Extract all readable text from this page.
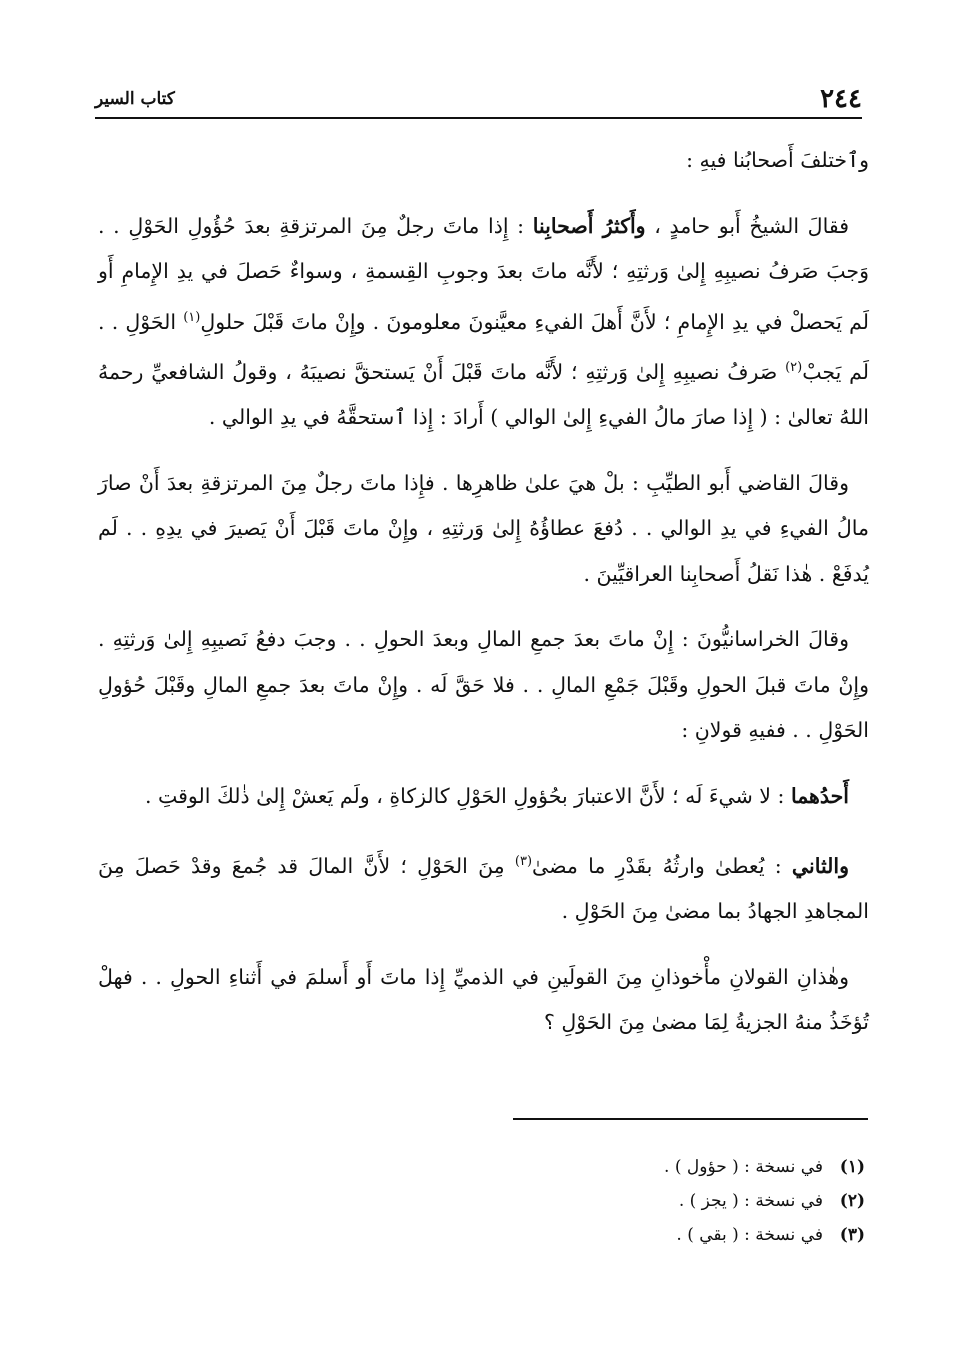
٢٤٤
كتاب السير

وٱختلفَ أَصحابُنا فيهِ :

فقالَ الشيخُ أَبو حامدٍ ، وأَكثرُ أَصحابِنا : إِذا ماتَ رجلٌ مِنَ المرتزقةِ بعدَ حُؤُولِ الحَوْلِ . . وَجبَ صَرفُ نصيبِهِ إِلىٰ وَرثتِهِ ؛ لأَنَّه ماتَ بعدَ وجوبِ القِسمةِ ، وسواءٌ حَصلَ في يدِ الإِمامِ أَو لَم يَحصلْ في يدِ الإِمامِ ؛ لأَنَّ أَهلَ الفيءِ معيَّنونَ معلومونَ . وإِنْ ماتَ قَبْلَ حلولِ$^{(١)}$ الحَوْلِ . . لَم يَجبْ$^{(٢)}$ صَرفُ نصيبِهِ إِلىٰ وَرثتِهِ ؛ لأَنَّه ماتَ قَبْلَ أَنْ يَستحقَّ نصيبَهُ ، وقولُ الشافعيِّ رحمهُ اللهُ تعالىٰ : ( إِذا صارَ مالُ الفيءِ إِلىٰ الوالي ) أَرادَ : إِذا ٱستحقَّهُ في يدِ الوالي .

وقالَ القاضي أَبو الطيِّبِ : بلْ هيَ علىٰ ظاهرِها . فإِذا ماتَ رجلٌ مِنَ المرتزقةِ بعدَ أَنْ صارَ مالُ الفيءِ في يدِ الوالي . . دُفعَ عطاؤُهُ إِلىٰ وَرثتِهِ ، وإِنْ ماتَ قَبْلَ أَنْ يَصيرَ في يدِهِ . . لَم يُدفَعْ . هٰذا نَقلُ أَصحابِنا العراقيِّينَ .

وقالَ الخراسانيُّونَ : إِنْ ماتَ بعدَ جمعِ المالِ وبعدَ الحولِ . . وجبَ دفعُ نَصيبِهِ إِلىٰ وَرثتِهِ . وإِنْ ماتَ قبلَ الحولِ وقَبْلَ جَمْعِ المالِ . . فلا حَقَّ لَه . وإِنْ ماتَ بعدَ جمعِ المالِ وقَبْلَ حُؤولِ الحَوْلِ . . ففيهِ قولانِ :

أَحدُهما : لا شيءَ لَه ؛ لأَنَّ الاعتبارَ بحُؤولِ الحَوْلِ كالزكاةِ ، ولَم يَعشْ إِلىٰ ذٰلكَ الوقتِ .

والثاني : يُعطىٰ وارثُهُ بقَدْرِ ما مضىٰ$^{(٣)}$ مِنَ الحَوْلِ ؛ لأَنَّ المالَ قد جُمعَ وقدْ حَصلَ مِنَ المجاهدِ الجهادُ بما مضىٰ مِنَ الحَوْلِ .

وهٰذانِ القولانِ مأْخوذانِ مِنَ القولَينِ في الذميِّ إِذا ماتَ أَو أَسلمَ في أَثناءِ الحولِ . . فهلْ تُؤخَذُ منهُ الجزيةُ لِمَا مضىٰ مِنَ الحَوْلِ ؟

(١)في نسخة : ( حؤول ) .
(٢)في نسخة : ( يجز ) .
(٣)في نسخة : ( بقي ) .
